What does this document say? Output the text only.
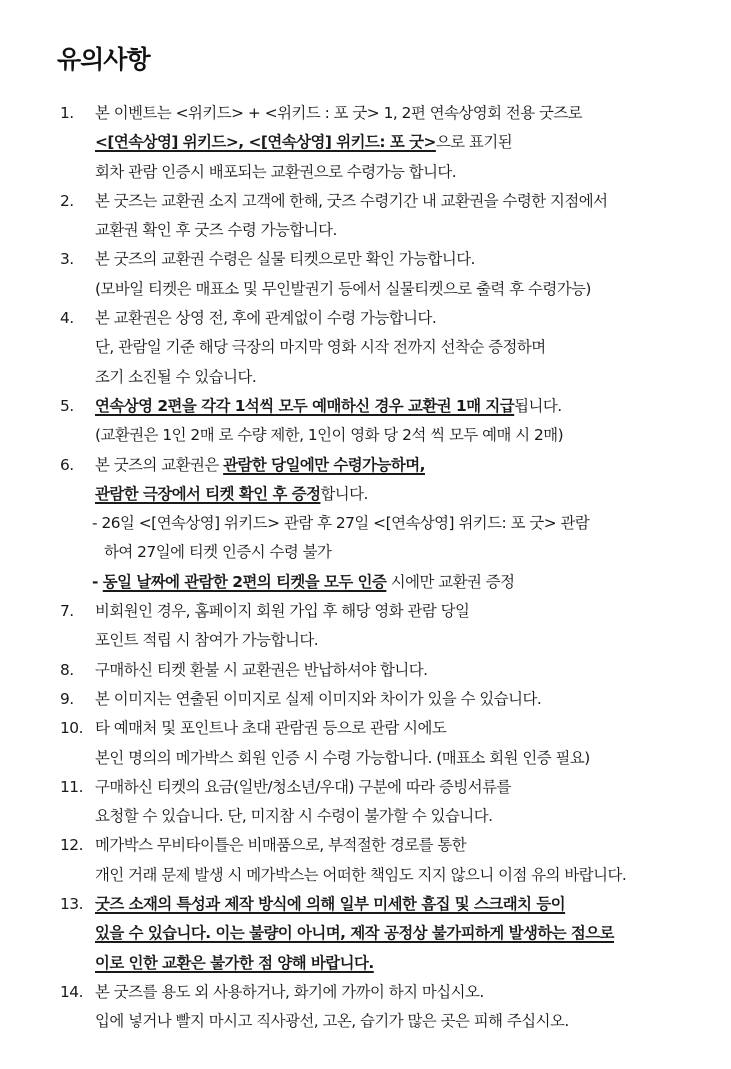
유의사항
1. 본 이벤트는 <위키드> + <위키드 : 포 굿> 1, 2편 연속상영회 전용 굿즈로
<[연속상영] 위키드>, <[연속상영] 위키드: 포 굿>으로 표기된
회차 관람 인증시 배포되는 교환권으로 수령가능 합니다.
2. 본 굿즈는 교환권 소지 고객에 한해, 굿즈 수령기간 내 교환권을 수령한 지점에서
교환권 확인 후 굿즈 수령 가능합니다.
3. 본 굿즈의 교환권 수령은 실물 티켓으로만 확인 가능합니다.
(모바일 티켓은 매표소 및 무인발권기 등에서 실물티켓으로 출력 후 수령가능)
4. 본 교환권은 상영 전, 후에 관계없이 수령 가능합니다.
단, 관람일 기준 해당 극장의 마지막 영화 시작 전까지 선착순 증정하며
조기 소진될 수 있습니다.
5. 연속상영 2편을 각각 1석씩 모두 예매하신 경우 교환권 1매 지급됩니다.
(교환권은 1인 2매 로 수량 제한, 1인이 영화 당 2석 씩 모두 예매 시 2매)
6. 본 굿즈의 교환권은 관람한 당일에만 수령가능하며,
관람한 극장에서 티켓 확인 후 증정합니다.
- 26일 <[연속상영] 위키드> 관람 후 27일 <[연속상영] 위키드: 포 굿> 관람
하여 27일에 티켓 인증시 수령 불가
- 동일 날짜에 관람한 2편의 티켓을 모두 인증 시에만 교환권 증정
7. 비회원인 경우, 홈페이지 회원 가입 후 해당 영화 관람 당일
포인트 적립 시 참여가 가능합니다.
8. 구매하신 티켓 환불 시 교환권은 반납하셔야 합니다.
9. 본 이미지는 연출된 이미지로 실제 이미지와 차이가 있을 수 있습니다.
10. 타 예매처 및 포인트나 초대 관람권 등으로 관람 시에도
본인 명의의 메가박스 회원 인증 시 수령 가능합니다. (매표소 회원 인증 필요)
11. 구매하신 티켓의 요금(일반/청소년/우대) 구분에 따라 증빙서류를
요청할 수 있습니다. 단, 미지참 시 수령이 불가할 수 있습니다.
12. 메가박스 무비타이틀은 비매품으로, 부적절한 경로를 통한
개인 거래 문제 발생 시 메가박스는 어떠한 책임도 지지 않으니 이점 유의 바랍니다.
13. 굿즈 소재의 특성과 제작 방식에 의해 일부 미세한 흠집 및 스크래치 등이
있을 수 있습니다. 이는 불량이 아니며, 제작 공정상 불가피하게 발생하는 점으로
이로 인한 교환은 불가한 점 양해 바랍니다.
14. 본 굿즈를 용도 외 사용하거나, 화기에 가까이 하지 마십시오.
입에 넣거나 빨지 마시고 직사광선, 고온, 습기가 많은 곳은 피해 주십시오.
